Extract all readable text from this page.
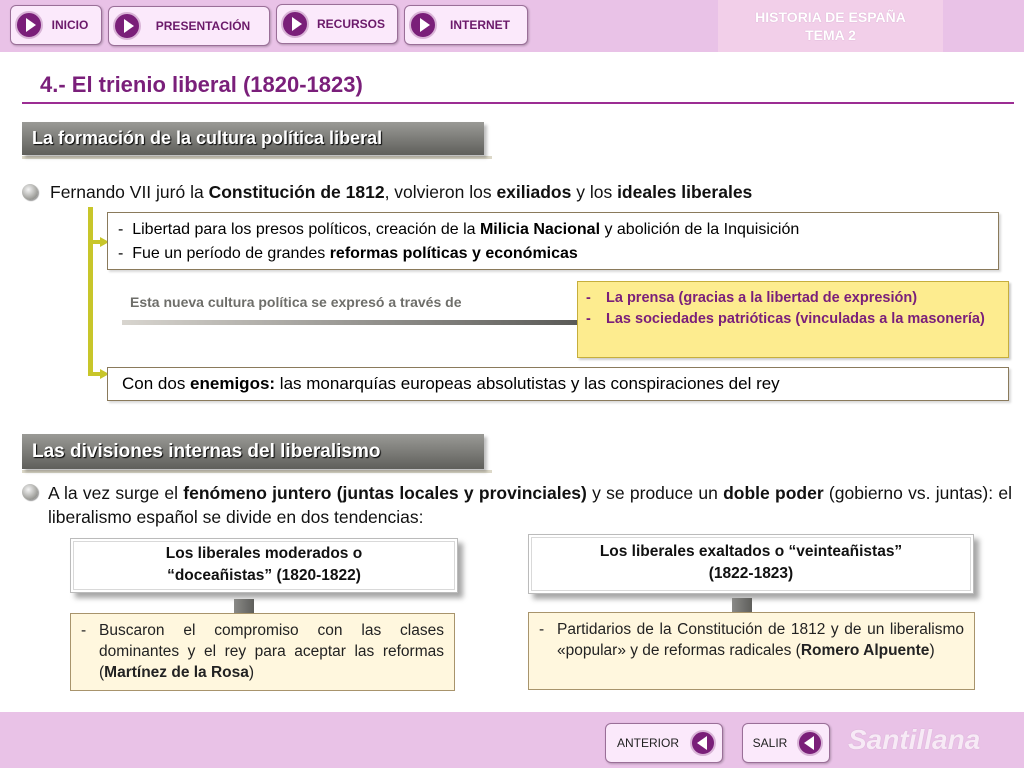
INICIO	PRESENTACIÓN	RECURSOS	INTERNET	HISTORIA DE ESPAÑA
TEMA 2
4.- El trienio liberal (1820-1823)
La formación de la cultura política liberal
Fernando VII juró la Constitución de 1812, volvieron los exiliados y los ideales liberales
- Libertad para los presos políticos, creación de la Milicia Nacional y abolición de la Inquisición
- Fue un período de grandes reformas políticas y económicas
Esta nueva cultura política se expresó a través de	-	La prensa (gracias a la libertad de expresión)
-	Las sociedades patrióticas (vinculadas a la masonería)
Con dos enemigos: las monarquías europeas absolutistas y las conspiraciones del rey
Las divisiones internas del liberalismo
A la vez surge el fenómeno juntero (juntas locales y provinciales) y se produce un doble poder (gobierno vs. juntas): el liberalismo español se divide en dos tendencias:
Los liberales moderados o
“doceañistas” (1820-1822)
- Buscaron el compromiso con las clases dominantes y el rey para aceptar las reformas (Martínez de la Rosa)
Los liberales exaltados o “veinteañistas”
(1822-1823)
- Partidarios de la Constitución de 1812 y de un liberalismo «popular» y de reformas radicales (Romero Alpuente)
ANTERIOR	SALIR	Santillana
